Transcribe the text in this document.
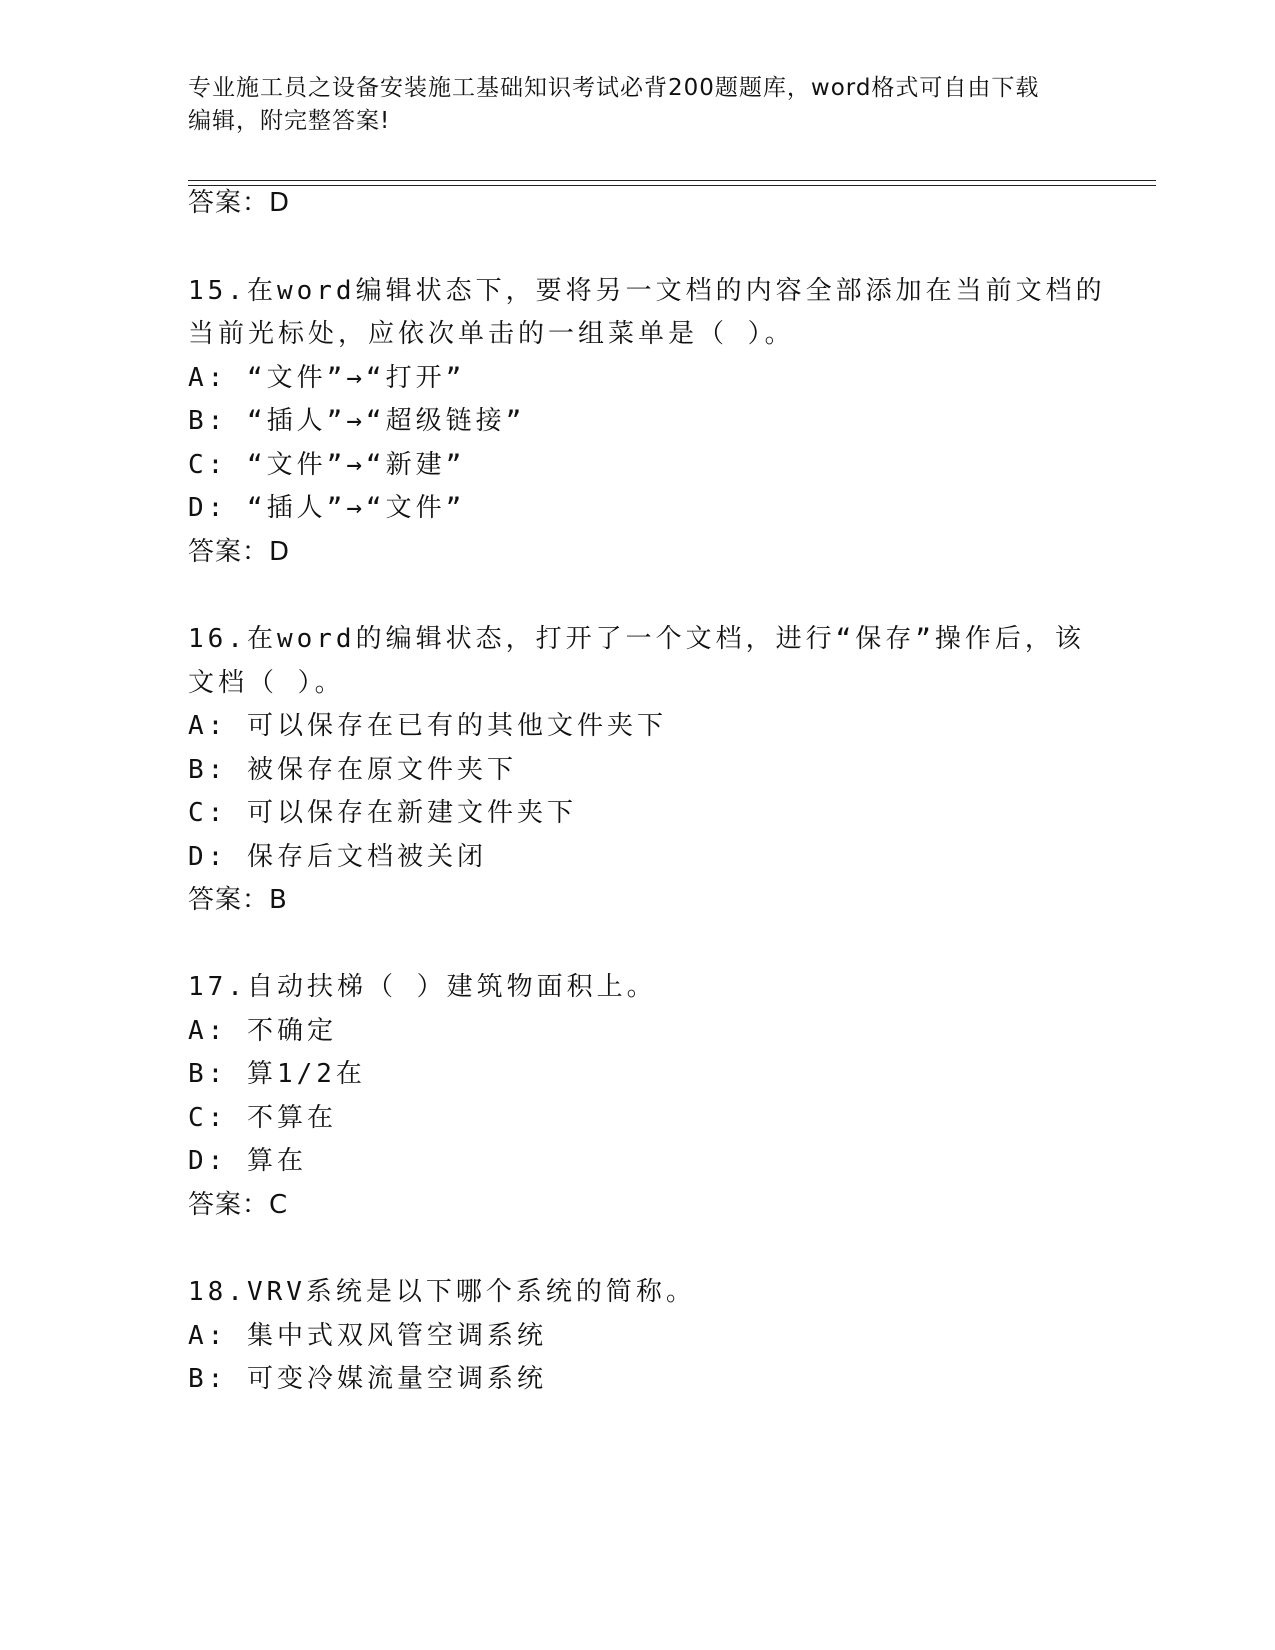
专业施工员之设备安装施工基础知识考试必背200题题库，word格式可自由下载
编辑，附完整答案!
答案：D
15.在word编辑状态下，要将另一文档的内容全部添加在当前文档的
当前光标处，应依次单击的一组菜单是（ ）。
A: “文件”→“打开”
B: “插人”→“超级链接”
C: “文件”→“新建”
D: “插人”→“文件”
答案：D
16.在word的编辑状态，打开了一个文档，进行“保存”操作后，该
文档（ ）。
A: 可以保存在已有的其他文件夹下
B: 被保存在原文件夹下
C: 可以保存在新建文件夹下
D: 保存后文档被关闭
答案：B
17.自动扶梯（ ）建筑物面积上。
A: 不确定
B: 算1/2在
C: 不算在
D: 算在
答案：C
18.VRV系统是以下哪个系统的简称。
A: 集中式双风管空调系统
B: 可变冷媒流量空调系统
